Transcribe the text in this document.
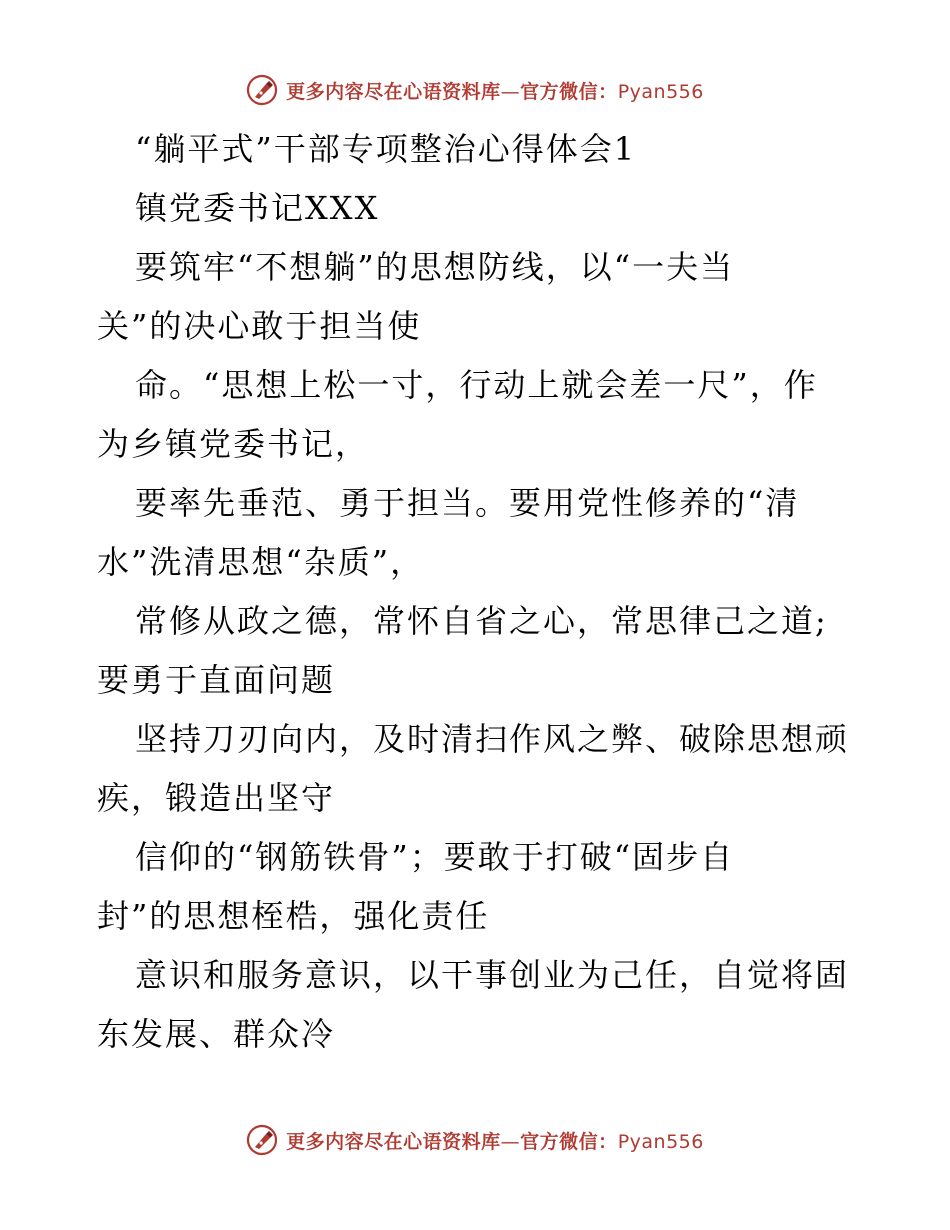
更多内容尽在心语资料库—官方微信：Pyan556
“躺平式”干部专项整治心得体会1
镇党委书记XXX
要筑牢“不想躺”的思想防线，以“一夫当
关”的决心敢于担当使
命。“思想上松一寸，行动上就会差一尺”，作
为乡镇党委书记，
要率先垂范、勇于担当。要用党性修养的“清
水”洗清思想“杂质”，
常修从政之德，常怀自省之心，常思律己之道;
要勇于直面问题
坚持刀刃向内，及时清扫作风之弊、破除思想顽
疾，锻造出坚守
信仰的“钢筋铁骨”；要敢于打破“固步自
封”的思想桎梏，强化责任
意识和服务意识，以干事创业为己任，自觉将固
东发展、群众冷
更多内容尽在心语资料库—官方微信：Pyan556
